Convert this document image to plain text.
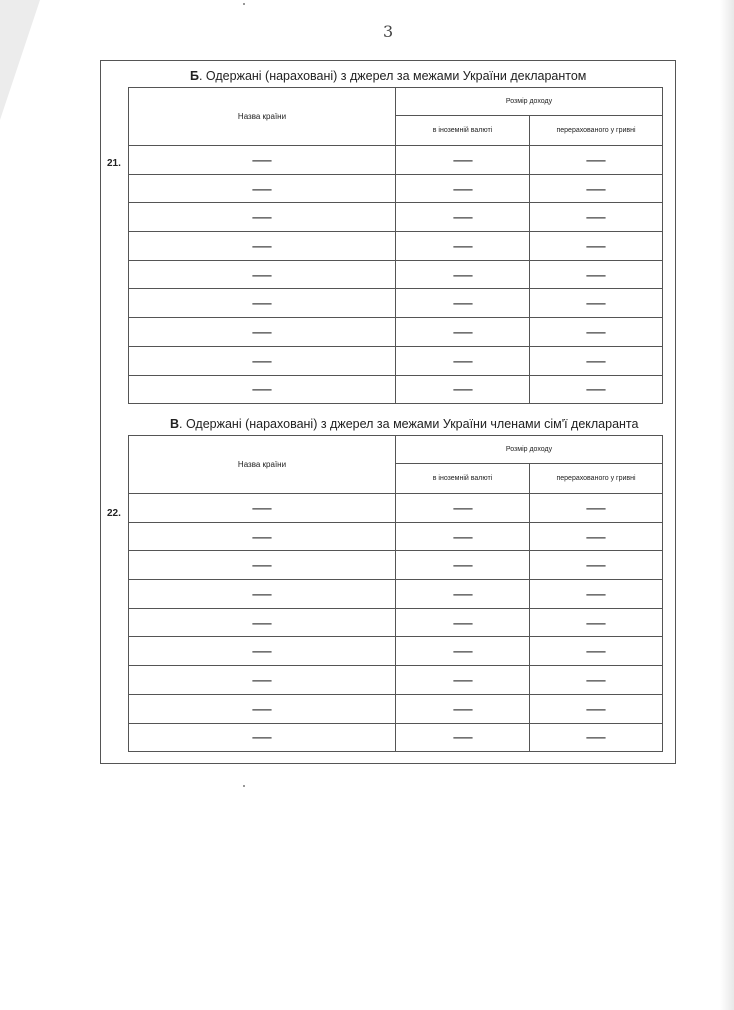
3
Б. Одержані (нараховані) з джерел за межами України декларантом
21.
Назва країни
Розмір доходу
в іноземній валюті	перерахованого у гривні
—	—	—
—	—	—
—	—	—
—	—	—
—	—	—
—	—	—
—	—	—
—	—	—
—	—	—
В. Одержані (нараховані) з джерел за межами України членами сім'ї декларанта
22.
Назва країни
Розмір доходу
в іноземній валюті	перерахованого у гривні
—	—	—
—	—	—
—	—	—
—	—	—
—	—	—
—	—	—
—	—	—
—	—	—
—	—	—
